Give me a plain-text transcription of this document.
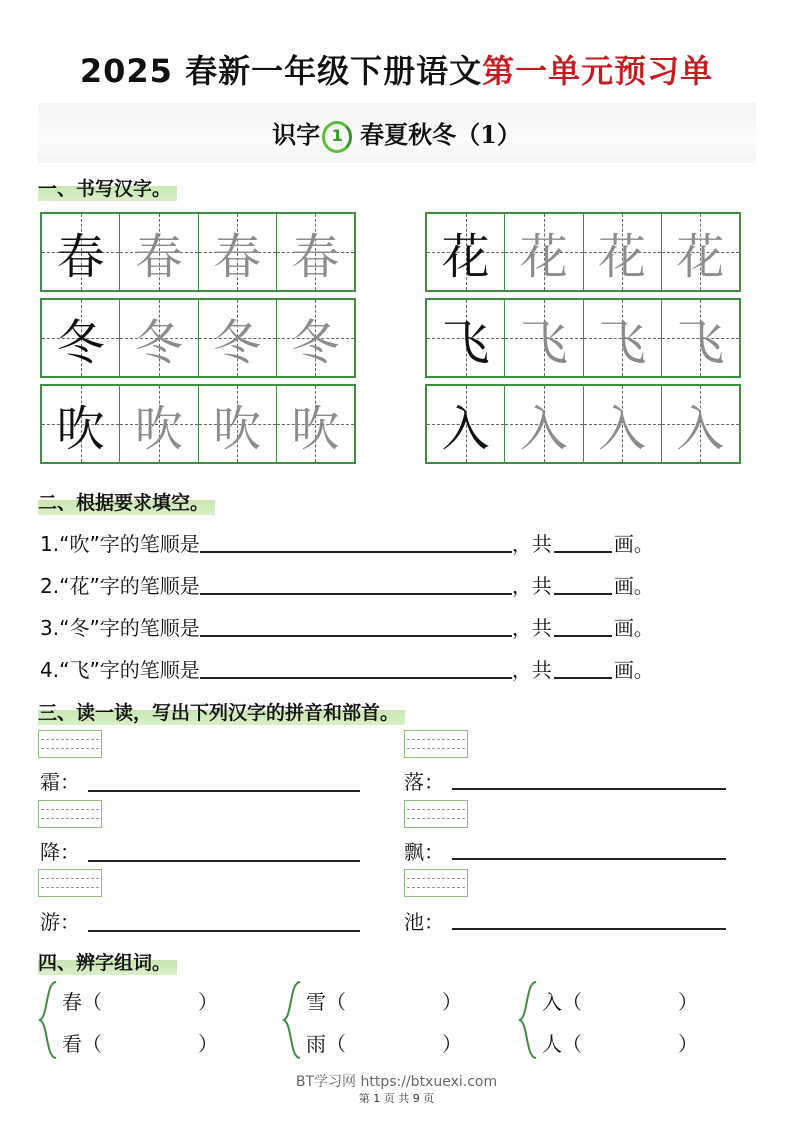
2025 春新一年级下册语文第一单元预习单
识字 1 春夏秋冬（1）
一、书写汉字。
春 春 春 春
冬 冬 冬 冬
吹 吹 吹 吹
花 花 花 花
飞 飞 飞 飞
入 入 入 入
二、根据要求填空。
1.“吹”字的笔顺是	，共	画。
2.“花”字的笔顺是	，共	画。
3.“冬”字的笔顺是	，共	画。
4.“飞”字的笔顺是	，共	画。
三、读一读，写出下列汉字的拼音和部首。
霜：	落：
降：	飘：
游：	池：
四、辨字组词。
春（	）
看（	）
雪（	）
雨（	）
入（	）
人（	）
BT学习网 https://btxuexi.com
第 1 页 共 9 页
